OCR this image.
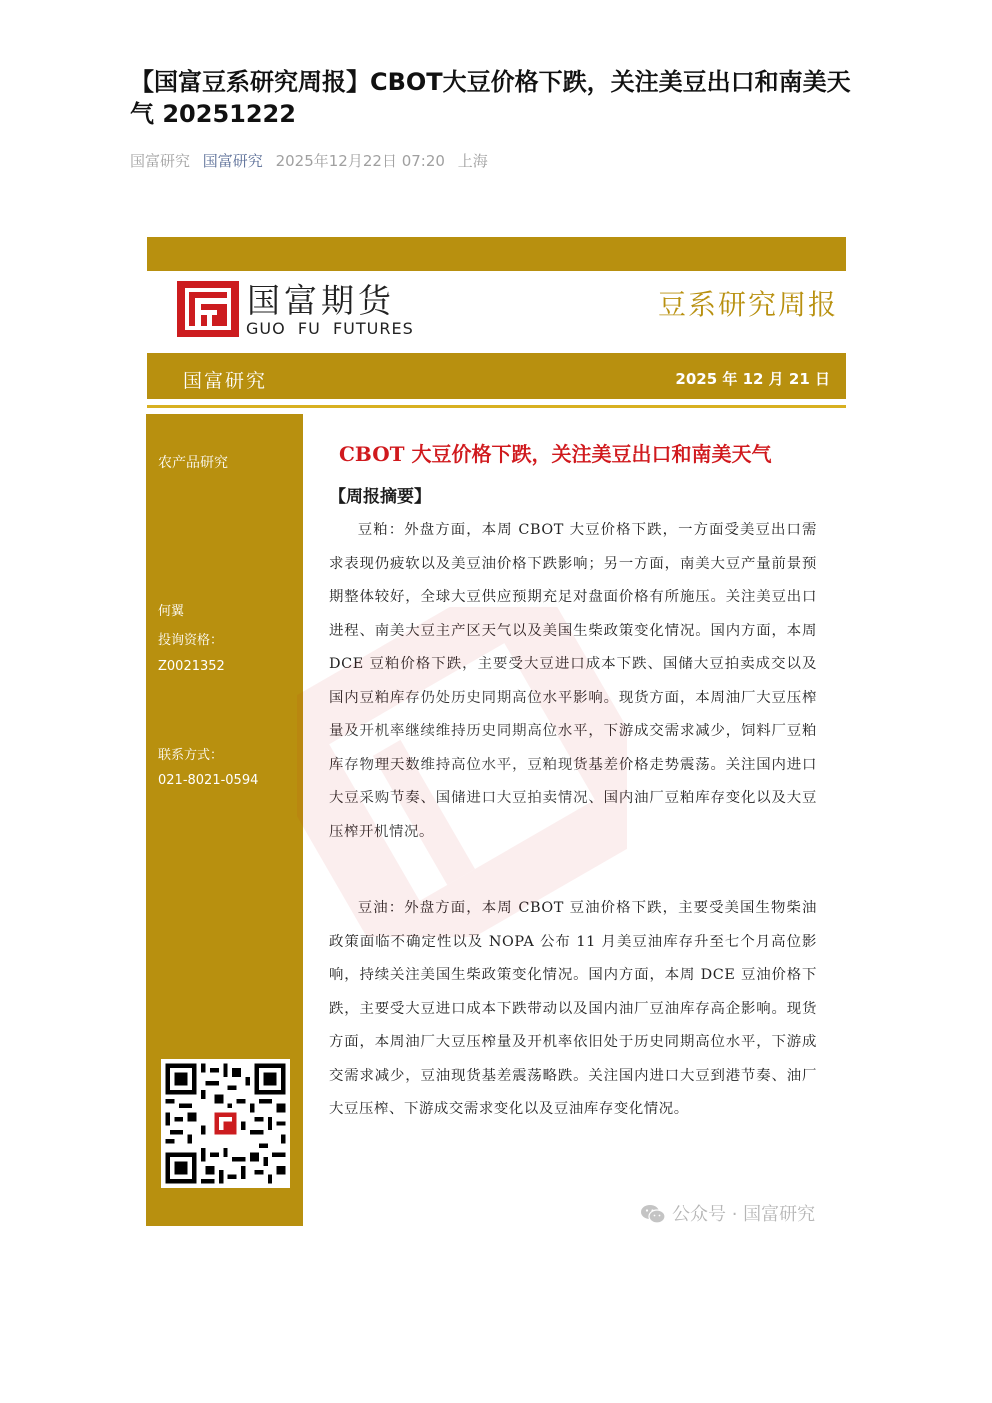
【国富豆系研究周报】CBOT大豆价格下跌，关注美豆出口和南美天气 20251222
国富研究 国富研究 2025年12月22日 07:20 上海
国富期货
GUO  FU  FUTURES
豆系研究周报
国富研究	2025 年 12 月 21 日
农产品研究
何翼
投询资格：
Z0021352
联系方式：
021-8021-0594
CBOT 大豆价格下跌，关注美豆出口和南美天气
【周报摘要】

豆粕：外盘方面，本周 CBOT 大豆价格下跌，一方面受美豆出口需求表现仍疲软以及美豆油价格下跌影响；另一方面，南美大豆产量前景预期整体较好，全球大豆供应预期充足对盘面价格有所施压。关注美豆出口进程、南美大豆主产区天气以及美国生柴政策变化情况。国内方面，本周 DCE 豆粕价格下跌，主要受大豆进口成本下跌、国储大豆拍卖成交以及国内豆粕库存仍处历史同期高位水平影响。现货方面，本周油厂大豆压榨量及开机率继续维持历史同期高位水平，下游成交需求减少，饲料厂豆粕库存物理天数维持高位水平，豆粕现货基差价格走势震荡。关注国内进口大豆采购节奏、国储进口大豆拍卖情况、国内油厂豆粕库存变化以及大豆压榨开机情况。

豆油：外盘方面，本周 CBOT 豆油价格下跌，主要受美国生物柴油政策面临不确定性以及 NOPA 公布 11 月美豆油库存升至七个月高位影响，持续关注美国生柴政策变化情况。国内方面，本周 DCE 豆油价格下跌，主要受大豆进口成本下跌带动以及国内油厂豆油库存高企影响。现货方面，本周油厂大豆压榨量及开机率依旧处于历史同期高位水平，下游成交需求减少，豆油现货基差震荡略跌。关注国内进口大豆到港节奏、油厂大豆压榨、下游成交需求变化以及豆油库存变化情况。

公众号 · 国富研究
